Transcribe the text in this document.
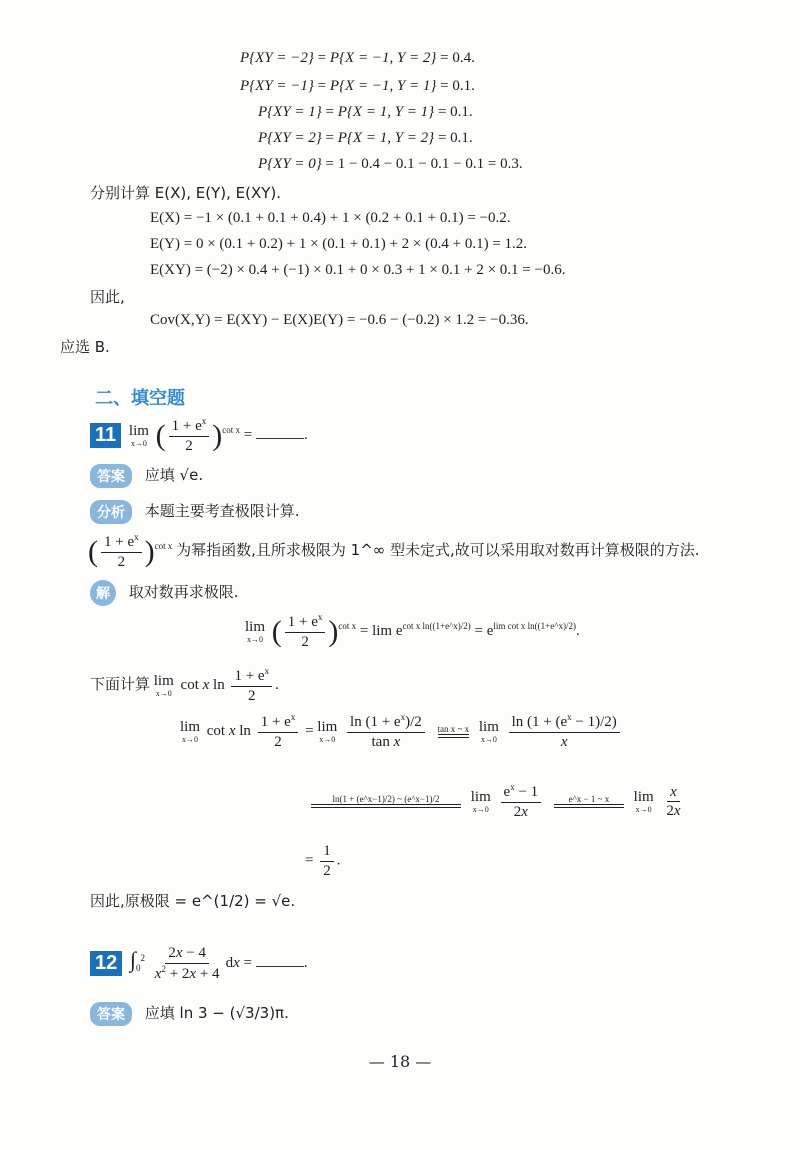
P{XY = −2} = P{X = −1, Y = 2} = 0.4.
P{XY = −1} = P{X = −1, Y = 1} = 0.1.
P{XY = 1} = P{X = 1, Y = 1} = 0.1.
P{XY = 2} = P{X = 1, Y = 2} = 0.1.
P{XY = 0} = 1 − 0.4 − 0.1 − 0.1 − 0.1 = 0.3.
分别计算 E(X), E(Y), E(XY).
E(X) = −1 × (0.1 + 0.1 + 0.4) + 1 × (0.2 + 0.1 + 0.1) = −0.2.
E(Y) = 0 × (0.1 + 0.2) + 1 × (0.1 + 0.1) + 2 × (0.4 + 0.1) = 1.2.
E(XY) = (−2) × 0.4 + (−1) × 0.1 + 0 × 0.3 + 1 × 0.1 + 2 × 0.1 = −0.6.
因此,
Cov(X,Y) = E(XY) − E(X)E(Y) = −0.6 − (−0.2) × 1.2 = −0.36.
应选 B.
二、填空题
11 lim
x→0 ( $\frac{1 + e^x}{2} )^{cot x}$ =	.
答案 应填 √e.
分析 本题主要考查极限计算.
( $\frac{1 + e^x}{2} )^{cot x}$ 为幂指函数,且所求极限为 1^∞ 型未定式,故可以采用取对数再计算极限的方法.
解 取对数再求极限.
lim
x→0 ( $\frac{1 + e^x}{2} )^{cot x} = \lim e^{cot x ln((1+e\^{}x)/2)} = e^{lim cot x ln((1+e\^{}x)/2)}$.
下面计算 lim
x→0
cot x $\ln \frac{1 + e^x}{2}$ .
lim
x→0
cot x $\ln \frac{1 + e^x}{2} = \lim$
x→0
$\frac{\ln (1 + e^x)/2}{\text{tan x}}$
tan x ~ x
lim
x→0
$\frac{\ln (1 + (e^x - 1)/2)}{x}$
ln(1 + (e^x−1)/2) ~ (e^x−1)/2
lim
x→0
$\frac{e^x - 1}{2x}$
	e^x − 1 ~ x
lim
x→0
$\frac{x}{2x}$
= $\frac{1}{2}$ .
因此,原极限 = e^(1/2) = √e.
12 $\int_0^2 \frac{2x - 4}{x^2 + 2x + 4}$ dx =	.
答案 应填 ln 3 − (√3/3)π.
— 18 —
